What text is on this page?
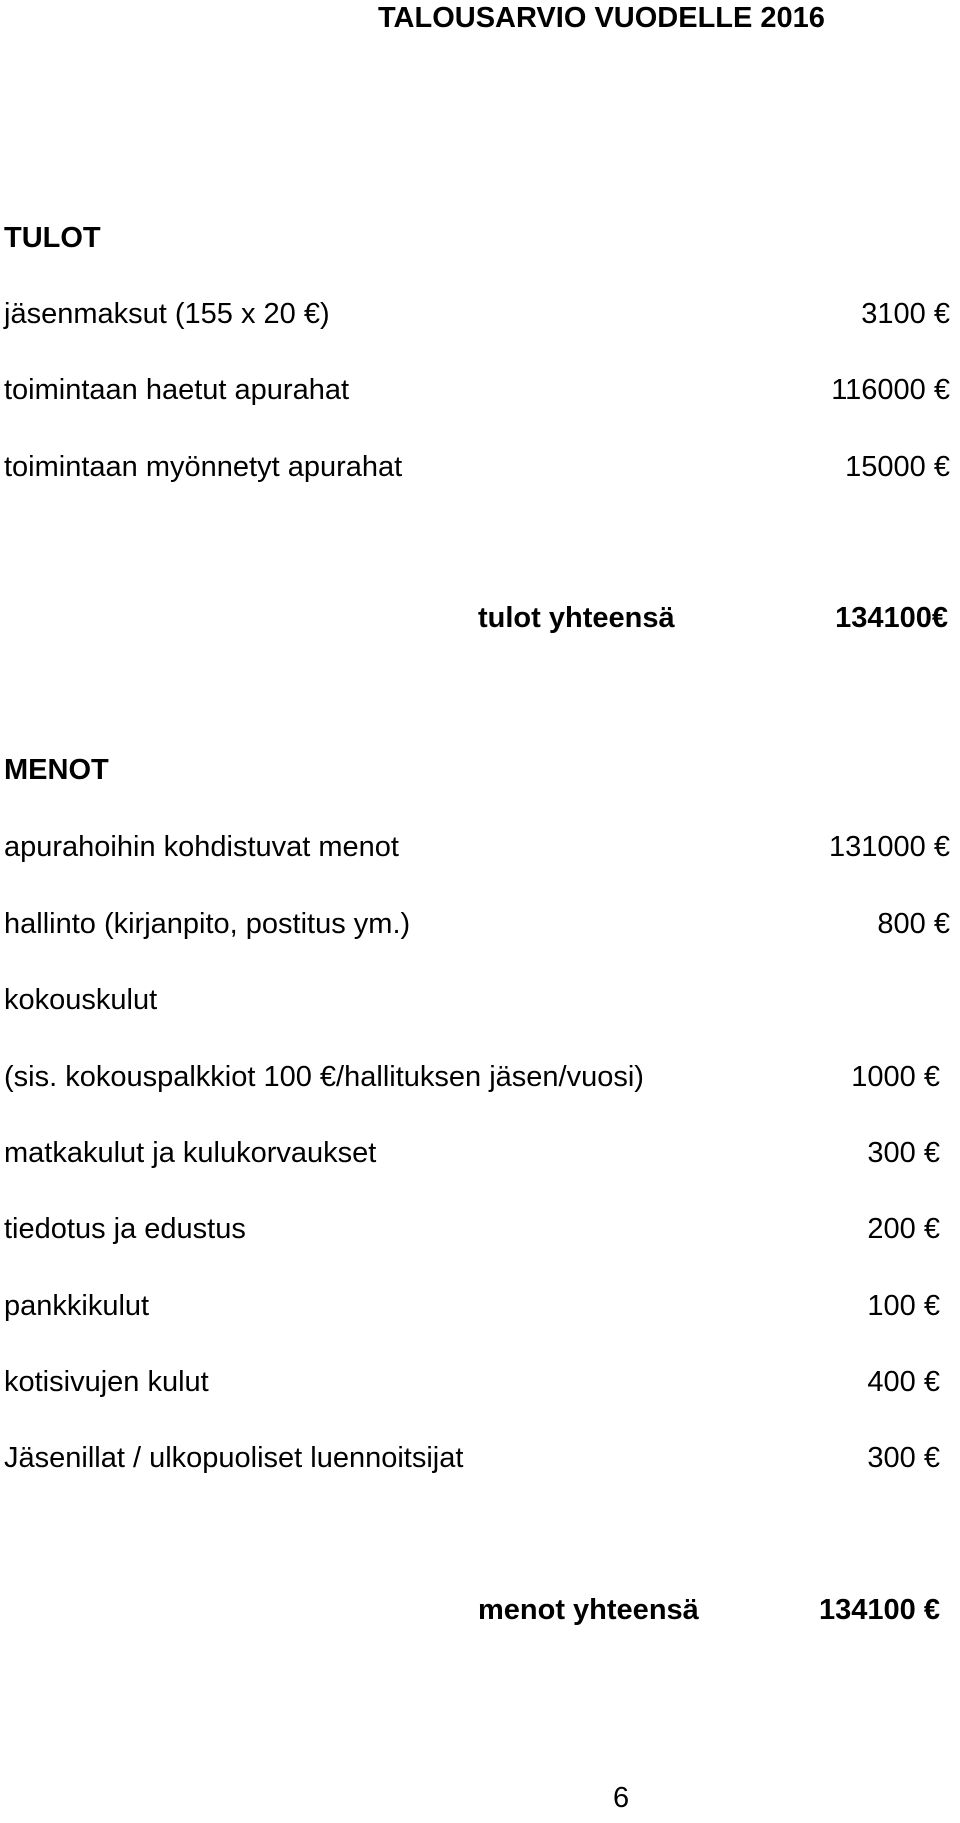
TALOUSARVIO VUODELLE 2016
TULOT
jäsenmaksut (155 x 20 €)	3100 €
toimintaan haetut apurahat	116000 €
toimintaan myönnetyt apurahat	15000 €
tulot yhteensä	134100€
MENOT
apurahoihin kohdistuvat menot	131000 €
hallinto (kirjanpito, postitus ym.)	800 €
kokouskulut
(sis. kokouspalkkiot 100 €/hallituksen jäsen/vuosi)	1000 €
matkakulut ja kulukorvaukset	300 €
tiedotus ja edustus	200 €
pankkikulut	100 €
kotisivujen kulut	400 €
Jäsenillat / ulkopuoliset luennoitsijat	300 €
menot yhteensä	134100 €
6
